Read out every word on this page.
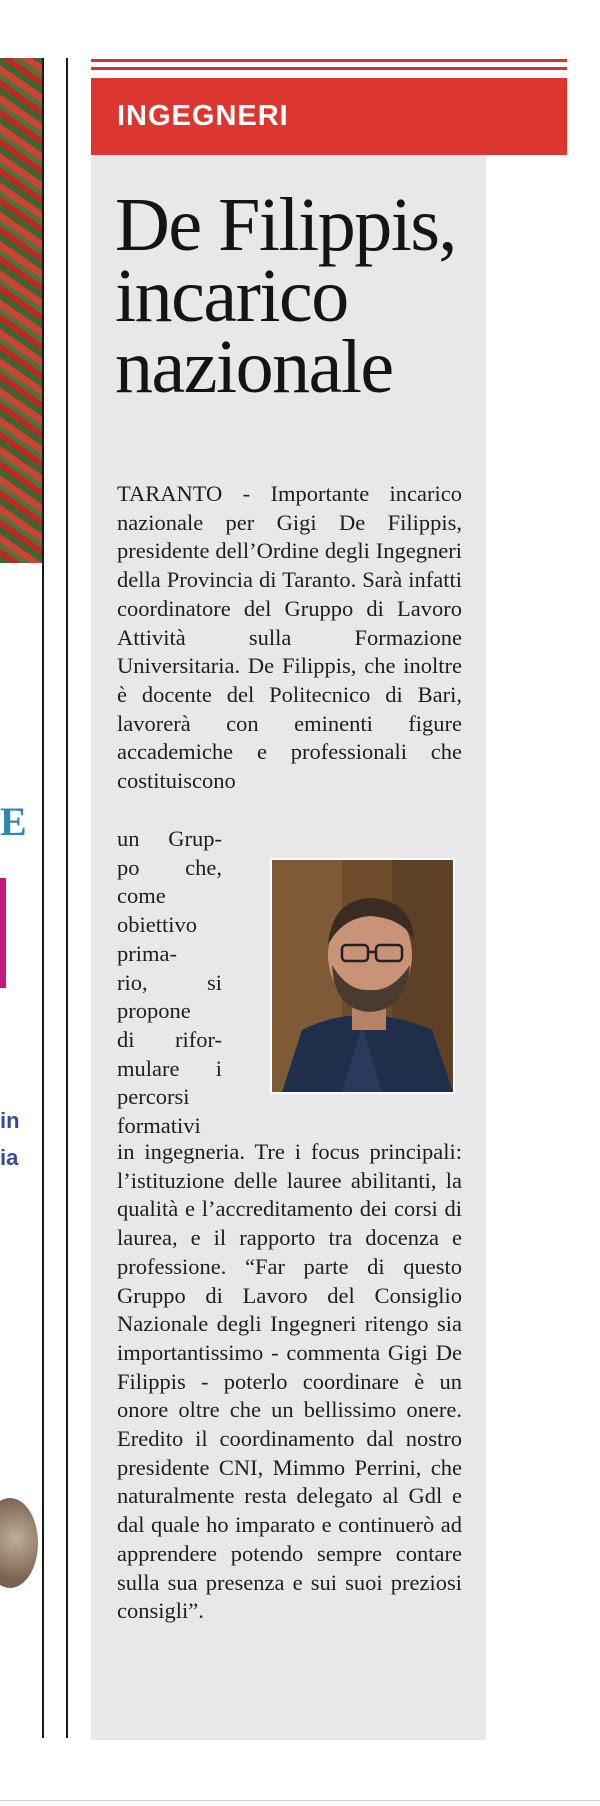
E
in
ia
INGEGNERI
De Filippis, incarico nazionale

TARANTO - Importante incarico nazionale per Gigi De Filippis, presidente dell’Ordine degli Ingegneri della Provincia di Taranto. Sarà infatti coordinatore del Gruppo di Lavoro Attività sulla Formazione Universitaria. De Filippis, che inoltre è docente del Politecnico di Bari, lavorerà con eminenti figure accademiche e professionali che costituiscono

un Grup-
po che,
come
obiettivo
prima-
rio, si
propone
di rifor-
mulare i
percorsi
formativi

in ingegneria. Tre i focus principali: l’istituzione delle lauree abilitanti, la qualità e l’accreditamento dei corsi di laurea, e il rapporto tra docenza e professione. “Far parte di questo Gruppo di Lavoro del Consiglio Nazionale degli Ingegneri ritengo sia importantissimo - commenta Gigi De Filippis - poterlo coordinare è un onore oltre che un bellissimo onere. Eredito il coordinamento dal nostro presidente CNI, Mimmo Perrini, che naturalmente resta delegato al Gdl e dal quale ho imparato e continuerò ad apprendere potendo sempre contare sulla sua presenza e sui suoi preziosi consigli”.
